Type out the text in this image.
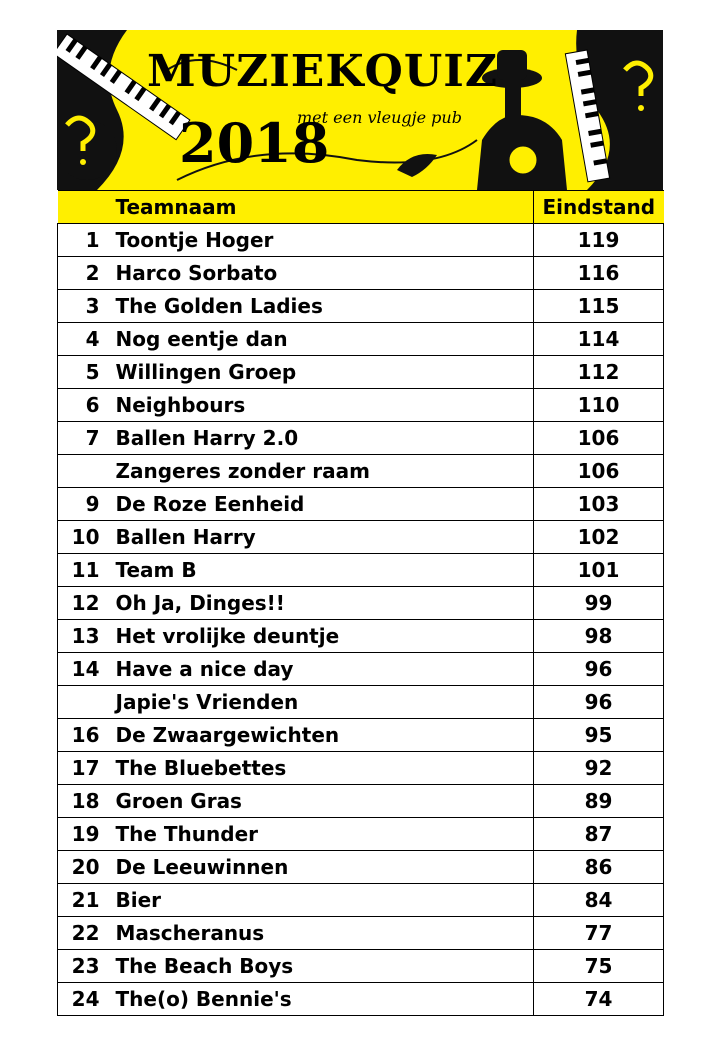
MUZIEKQUIZ
2018
met een vleugje pub
	Teamnaam	Eindstand
1	Toontje Hoger	119
2	Harco Sorbato	116
3	The Golden Ladies	115
4	Nog eentje dan	114
5	Willingen Groep	112
6	Neighbours	110
7	Ballen Harry 2.0	106
	Zangeres zonder raam	106
9	De Roze Eenheid	103
10	Ballen Harry	102
11	Team B	101
12	Oh Ja, Dinges!!	99
13	Het vrolijke deuntje	98
14	Have a nice day	96
	Japie's Vrienden	96
16	De Zwaargewichten	95
17	The Bluebettes	92
18	Groen Gras	89
19	The Thunder	87
20	De Leeuwinnen	86
21	Bier	84
22	Mascheranus	77
23	The Beach Boys	75
24	The(o) Bennie's	74
